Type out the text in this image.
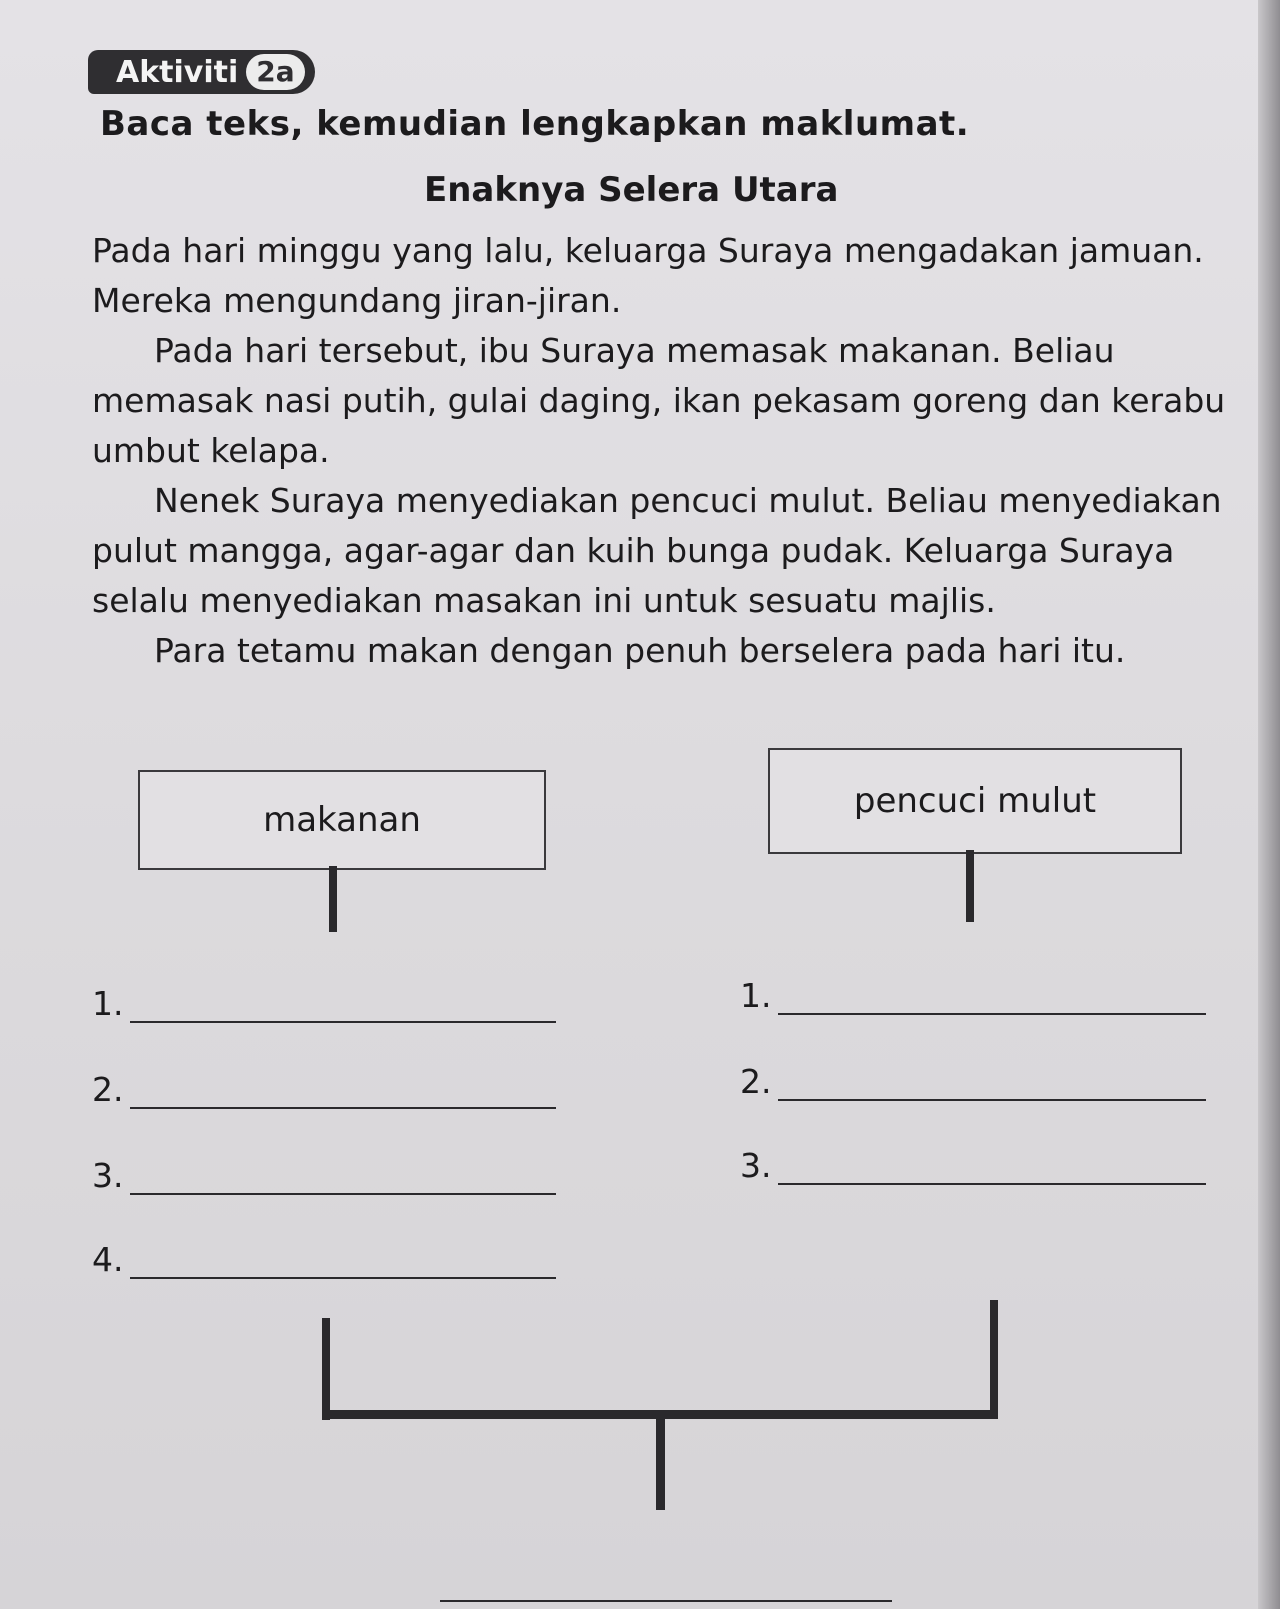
Aktiviti 2a
Baca teks, kemudian lengkapkan maklumat.
Enaknya Selera Utara

Pada hari minggu yang lalu, keluarga Suraya mengadakan jamuan. Mereka mengundang jiran-jiran.

Pada hari tersebut, ibu Suraya memasak makanan. Beliau memasak nasi putih, gulai daging, ikan pekasam goreng dan kerabu umbut kelapa.

Nenek Suraya menyediakan pencuci mulut. Beliau menyediakan pulut mangga, agar-agar dan kuih bunga pudak. Keluarga Suraya selalu menyediakan masakan ini untuk sesuatu majlis.

Para tetamu makan dengan penuh berselera pada hari itu.

makanan	pencuci mulut
1.
2.
3.
4.
1.
2.
3.
